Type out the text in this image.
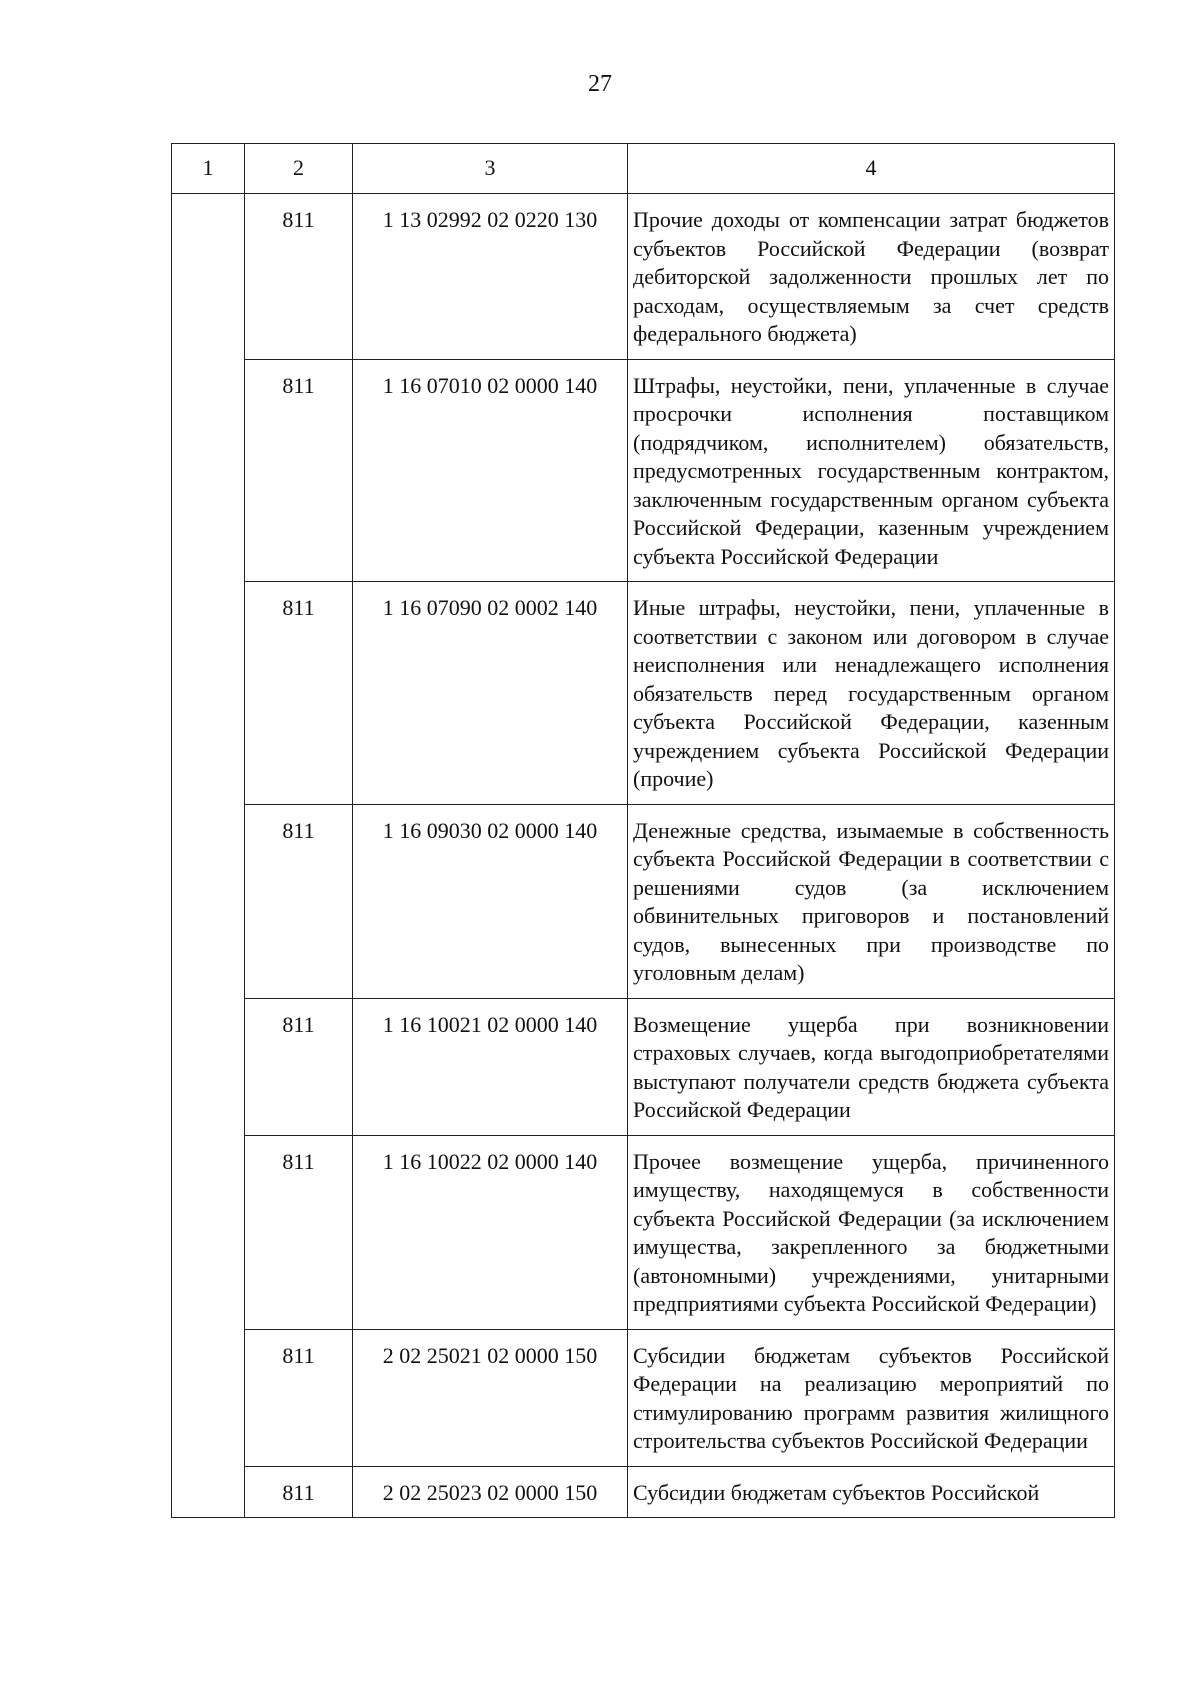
27
1	2	3	4
	811	1 13 02992 02 0220 130	Прочие доходы от компенсации затрат бюджетов субъектов Российской Федерации (возврат дебиторской задолженности прошлых лет по расходам, осуществляемым за счет средств федерального бюджета)
	811	1 16 07010 02 0000 140	Штрафы, неустойки, пени, уплаченные в случае просрочки исполнения поставщиком (подрядчиком, исполнителем) обязательств, предусмотренных государственным контрактом, заключенным государственным органом субъекта Российской Федерации, казенным учреждением субъекта Российской Федерации
	811	1 16 07090 02 0002 140	Иные штрафы, неустойки, пени, уплаченные в соответствии с законом или договором в случае неисполнения или ненадлежащего исполнения обязательств перед государственным органом субъекта Российской Федерации, казенным учреждением субъекта Российской Федерации (прочие)
	811	1 16 09030 02 0000 140	Денежные средства, изымаемые в собственность субъекта Российской Федерации в соответствии с решениями судов (за исключением обвинительных приговоров и постановлений судов, вынесенных при производстве по уголовным делам)
	811	1 16 10021 02 0000 140	Возмещение ущерба при возникновении страховых случаев, когда выгодоприобретателями выступают получатели средств бюджета субъекта Российской Федерации
	811	1 16 10022 02 0000 140	Прочее возмещение ущерба, причиненного имуществу, находящемуся в собственности субъекта Российской Федерации (за исключением имущества, закрепленного за бюджетными (автономными) учреждениями, унитарными предприятиями субъекта Российской Федерации)
	811	2 02 25021 02 0000 150	Субсидии бюджетам субъектов Российской Федерации на реализацию мероприятий по стимулированию программ развития жилищного строительства субъектов Российской Федерации
	811	2 02 25023 02 0000 150	Субсидии бюджетам субъектов Российской
